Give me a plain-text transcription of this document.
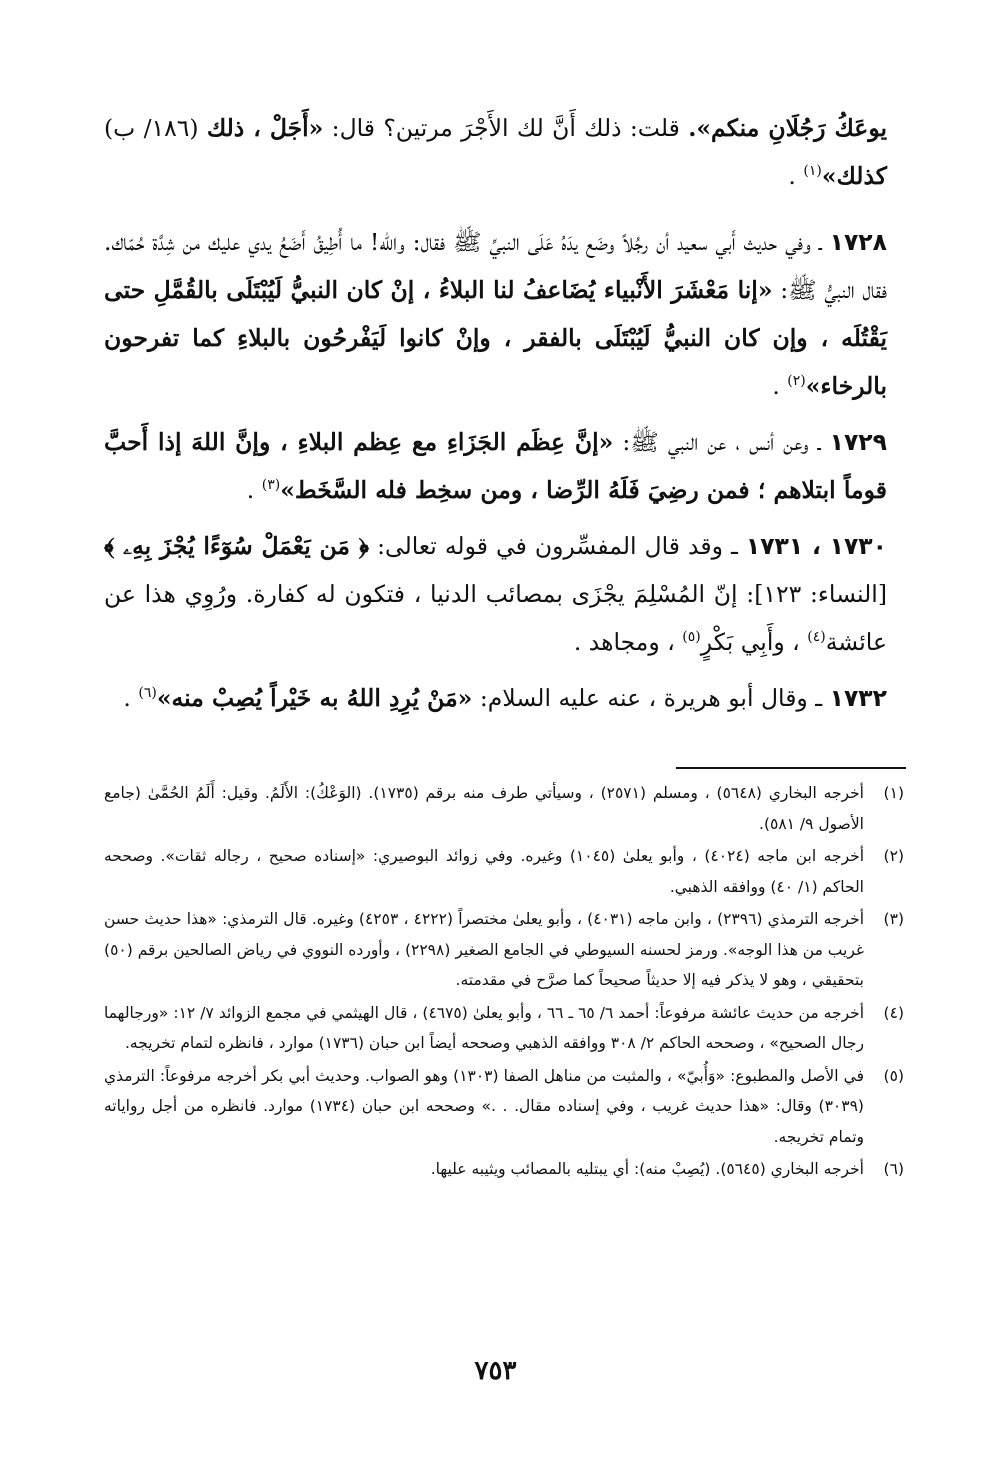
يوعَكُ رَجُلَانِ منكم». قلت: ذلك أَنَّ لك الأَجْرَ مرتين؟ قال: «أَجَلْ ، ذلك (١٨٦/ ب) كذلك»$^{(١)}$ .

١٧٢٨ ـ وفي حديث أَبي سعيد أن رجُلاً وضَع يدَهُ عَلَى النبيِّ ﷺ فقال: والله! ما أُطِيقُ أَضَعُ يدي عليك من شِدَّة حُمّاك. فقال النبيُّ ﷺ: «إنا مَعْشَرَ الأَنْبياء يُضَاعفُ لنا البلاءُ ، إنْ كان النبيُّ لَيُبْتَلَى بالقُمَّلِ حتى يَقْتُلَه ، وإن كان النبيُّ لَيُبْتَلَى بالفقر ، وإنْ كانوا لَيَفْرحُون بالبلاءِ كما تفرحون بالرخاء»$^{(٢)}$ .

١٧٢٩ ـ وعن أنس ، عن النبي ﷺ: «إنَّ عِظَم الجَزَاءِ مع عِظم البلاءِ ، وإنَّ اللهَ إذا أَحبَّ قوماً ابتلاهم ؛ فمن رضِيَ فَلَهُ الرِّضا ، ومن سخِط فله السَّخَط»$^{(٣)}$ .

١٧٣٠ ، ١٧٣١ ـ وقد قال المفسِّرون في قوله تعالى: ﴿ مَن يَعْمَلْ سُوٓءًا يُجْزَ بِهِۦ ﴾ [النساء: ١٢٣]: إنّ المُسْلِمَ يجْزَى بمصائب الدنيا ، فتكون له كفارة. ورُوِي هذا عن عائشة$^{(٤)}$ ، وأَبِي بَكْرٍ$^{(٥)}$ ، ومجاهد .

١٧٣٢ ـ وقال أبو هريرة ، عنه عليه السلام: «مَنْ يُرِدِ اللهُ به خَيْراً يُصِبْ منه»$^{(٦)}$ .

(١)
أخرجه البخاري (٥٦٤٨) ، ومسلم (٢٥٧١) ، وسيأتي طرف منه برقم (١٧٣٥). (الوَعْكُ): الأَلَمُ. وقيل: أَلَمُ الحُمَّىٰ (جامع الأصول ٩/ ٥٨١).
(٢)
أخرجه ابن ماجه (٤٠٢٤) ، وأبو يعلىٰ (١٠٤٥) وغيره. وفي زوائد البوصيري: «إسناده صحيح ، رجاله ثقات». وصححه الحاكم (١/ ٤٠) ووافقه الذهبي.
(٣)
أخرجه الترمذي (٢٣٩٦) ، وابن ماجه (٤٠٣١) ، وأبو يعلىٰ مختصراً (٤٢٢٢ ، ٤٢٥٣) وغيره. قال الترمذي: «هذا حديث حسن غريب من هذا الوجه». ورمز لحسنه السيوطي في الجامع الصغير (٢٢٩٨) ، وأورده النووي في رياض الصالحين برقم (٥٠) بتحقيقي ، وهو لا يذكر فيه إلا حديثاً صحيحاً كما صرَّح في مقدمته.
(٤)
أخرجه من حديث عائشة مرفوعاً: أحمد ٦/ ٦٥ ـ ٦٦ ، وأبو يعلىٰ (٤٦٧٥) ، قال الهيثمي في مجمع الزوائد ٧/ ١٢: «ورجالهما رجال الصحيح» ، وصححه الحاكم ٢/ ٣٠٨ ووافقه الذهبي وصححه أيضاً ابن حبان (١٧٣٦) موارد ، فانظره لتمام تخريجه.
(٥)
في الأصل والمطبوع: «وَأُبيّ» ، والمثبت من مناهل الصفا (١٣٠٣) وهو الصواب. وحديث أبي بكر أخرجه مرفوعاً: الترمذي (٣٠٣٩) وقال: «هذا حديث غريب ، وفي إسناده مقال. . .» وصححه ابن حبان (١٧٣٤) موارد. فانظره من أجل رواياته وتمام تخريجه.
(٦)
أخرجه البخاري (٥٦٤٥). (يُصِبْ منه): أي يبتليه بالمصائب ويثيبه عليها.
٧٥٣
